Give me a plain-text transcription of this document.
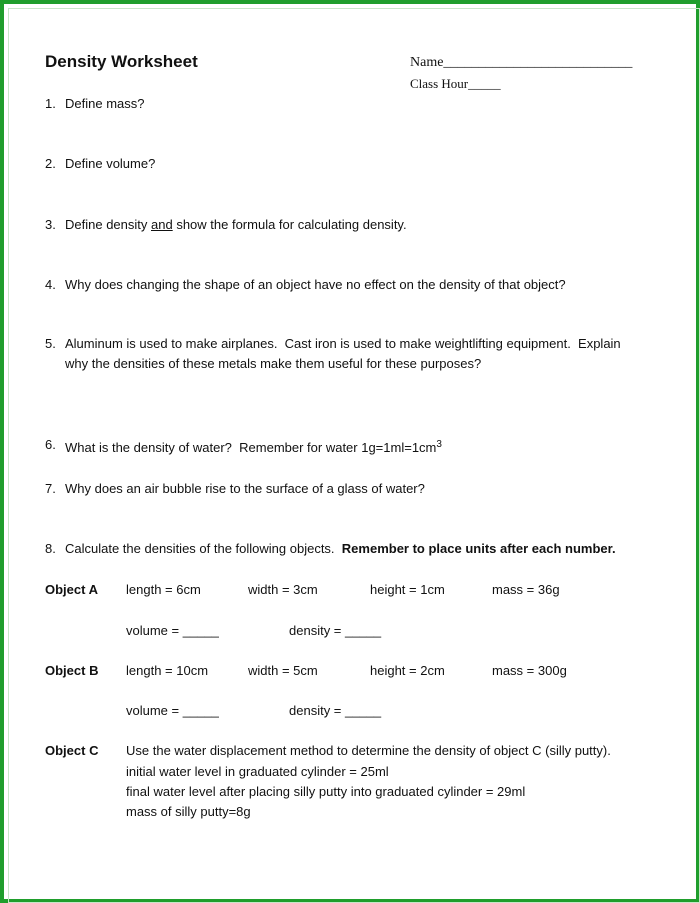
Density Worksheet	Name___________________________
Class Hour_____
1. Define mass?
2. Define volume?
3. Define density and show the formula for calculating density.
4. Why does changing the shape of an object have no effect on the density of that object?
5. Aluminum is used to make airplanes.  Cast iron is used to make weightlifting equipment.  Explain
why the densities of these metals make them useful for these purposes?
6. What is the density of water?  Remember for water $1g=1ml=1cm^3$
7. Why does an air bubble rise to the surface of a glass of water?
8. Calculate the densities of the following objects.  Remember to place units after each number.
Object A length = 6cm	width = 3cm	height = 1cm	mass = 36g
volume = _____	density = _____
Object B length = 10cm	width = 5cm	height = 2cm	mass = 300g
volume = _____	density = _____
Object C Use the water displacement method to determine the density of object C (silly putty).
initial water level in graduated cylinder = 25ml
final water level after placing silly putty into graduated cylinder = 29ml
mass of silly putty=8g
